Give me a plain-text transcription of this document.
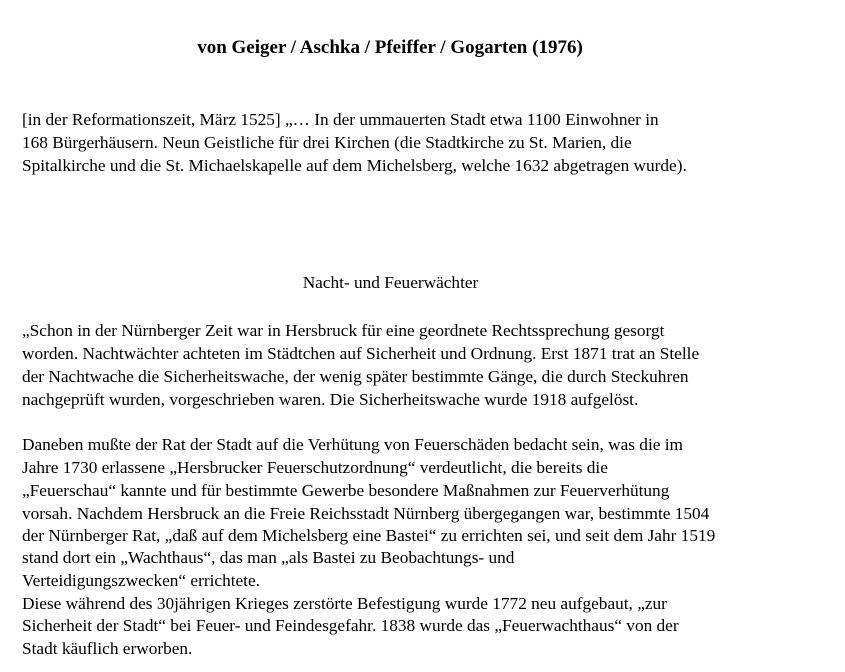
von Geiger / Aschka / Pfeiffer / Gogarten (1976)
[in der Reformationszeit, März 1525] „… In der ummauerten Stadt etwa 1100 Einwohner in
168 Bürgerhäusern. Neun Geistliche für drei Kirchen (die Stadtkirche zu St. Marien, die
Spitalkirche und die St. Michaelskapelle auf dem Michelsberg, welche 1632 abgetragen wurde).
Nacht- und Feuerwächter
„Schon in der Nürnberger Zeit war in Hersbruck für eine geordnete Rechtssprechung gesorgt
worden. Nachtwächter achteten im Städtchen auf Sicherheit und Ordnung. Erst 1871 trat an Stelle
der Nachtwache die Sicherheitswache, der wenig später bestimmte Gänge, die durch Steckuhren
nachgeprüft wurden, vorgeschrieben waren. Die Sicherheitswache wurde 1918 aufgelöst.
Daneben mußte der Rat der Stadt auf die Verhütung von Feuerschäden bedacht sein, was die im
Jahre 1730 erlassene „Hersbrucker Feuerschutzordnung“ verdeutlicht, die bereits die
„Feuerschau“ kannte und für bestimmte Gewerbe besondere Maßnahmen zur Feuerverhütung
vorsah. Nachdem Hersbruck an die Freie Reichsstadt Nürnberg übergegangen war, bestimmte 1504
der Nürnberger Rat, „daß auf dem Michelsberg eine Bastei“ zu errichten sei, und seit dem Jahr 1519
stand dort ein „Wachthaus“, das man „als Bastei zu Beobachtungs- und
Verteidigungszwecken“ errichtete.
Diese während des 30jährigen Krieges zerstörte Befestigung wurde 1772 neu aufgebaut, „zur
Sicherheit der Stadt“ bei Feuer- und Feindesgefahr. 1838 wurde das „Feuerwachthaus“ von der
Stadt käuflich erworben.
